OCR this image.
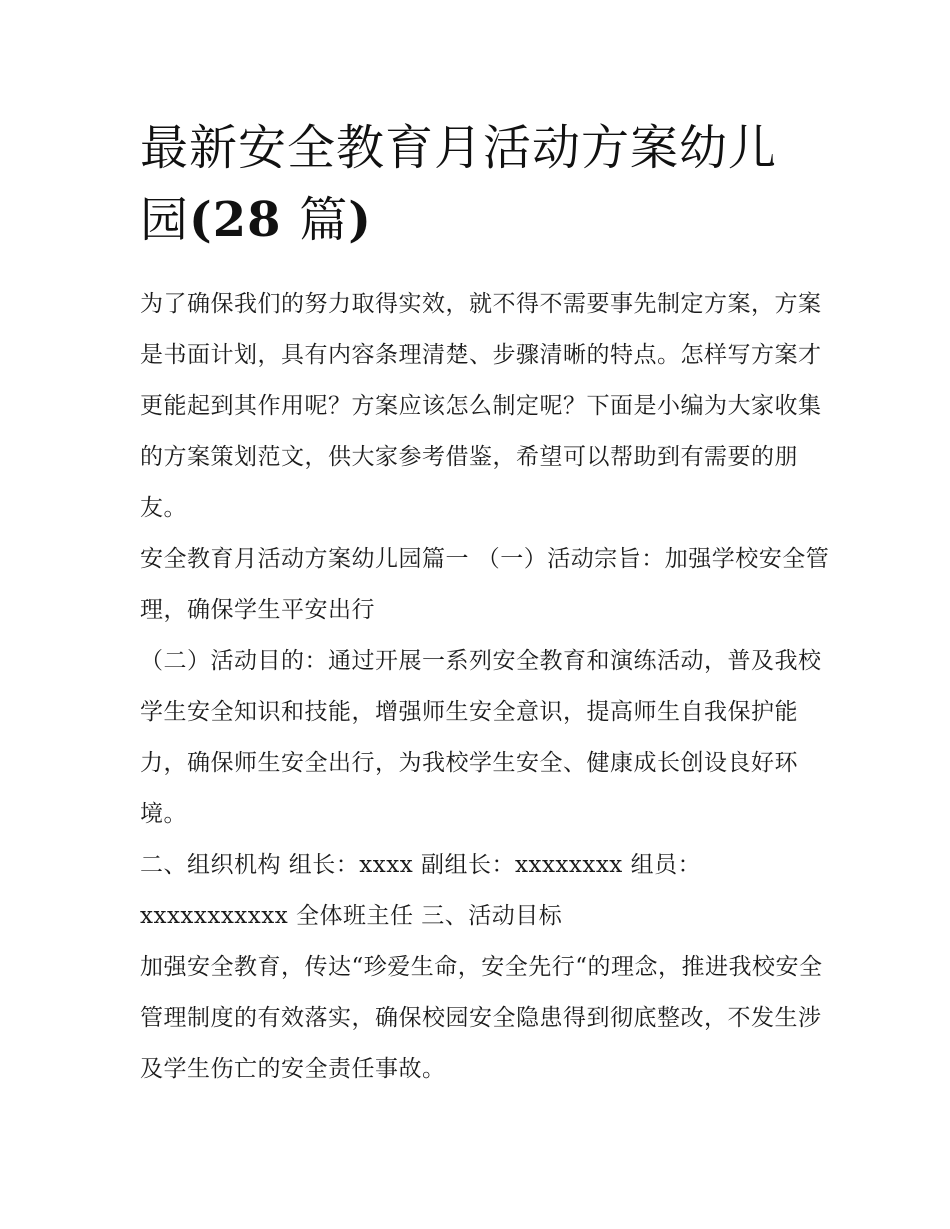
最新安全教育月活动方案幼儿
园(28 篇)

为了确保我们的努力取得实效，就不得不需要事先制定方案，方案是书面计划，具有内容条理清楚、步骤清晰的特点。怎样写方案才更能起到其作用呢？方案应该怎么制定呢？下面是小编为大家收集的方案策划范文，供大家参考借鉴，希望可以帮助到有需要的朋友。

安全教育月活动方案幼儿园篇一 （一）活动宗旨：加强学校安全管理，确保学生平安出行

（二）活动目的：通过开展一系列安全教育和演练活动，普及我校学生安全知识和技能，增强师生安全意识，提高师生自我保护能力，确保师生安全出行，为我校学生安全、健康成长创设良好环境。

二、组织机构 组长：xxxx 副组长：xxxxxxxx 组员：xxxxxxxxxxx 全体班主任 三、活动目标

加强安全教育，传达“珍爱生命，安全先行“的理念，推进我校安全管理制度的有效落实，确保校园安全隐患得到彻底整改，不发生涉及学生伤亡的安全责任事故。
